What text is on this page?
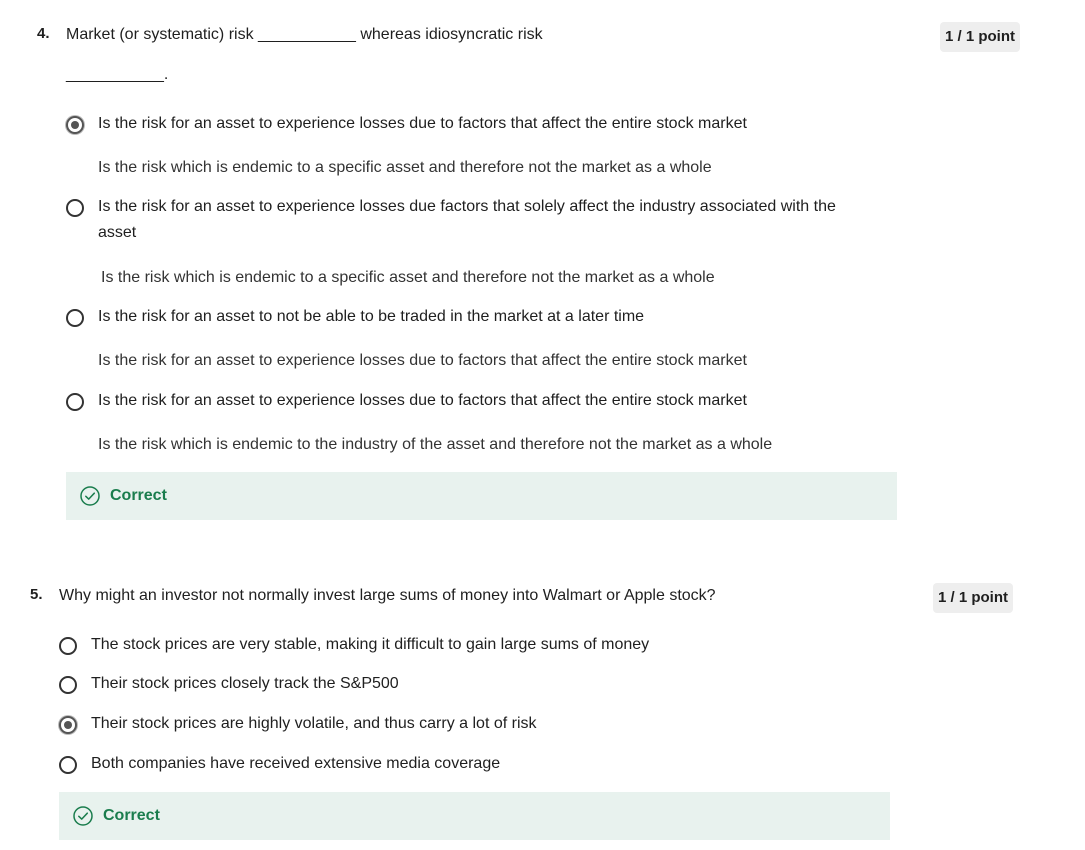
4. Market (or systematic) risk ___________ whereas idiosyncratic risk
___________.
1 / 1 point
Is the risk for an asset to experience losses due to factors that affect the entire stock market
Is the risk which is endemic to a specific asset and therefore not the market as a whole
Is the risk for an asset to experience losses due factors that solely affect the industry associated with the
asset
Is the risk which is endemic to a specific asset and therefore not the market as a whole
Is the risk for an asset to not be able to be traded in the market at a later time
Is the risk for an asset to experience losses due to factors that affect the entire stock market
Is the risk for an asset to experience losses due to factors that affect the entire stock market
Is the risk which is endemic to the industry of the asset and therefore not the market as a whole
Correct
5. Why might an investor not normally invest large sums of money into Walmart or Apple stock?	1 / 1 point
The stock prices are very stable, making it difficult to gain large sums of money
Their stock prices closely track the S&P500
Their stock prices are highly volatile, and thus carry a lot of risk
Both companies have received extensive media coverage
Correct
